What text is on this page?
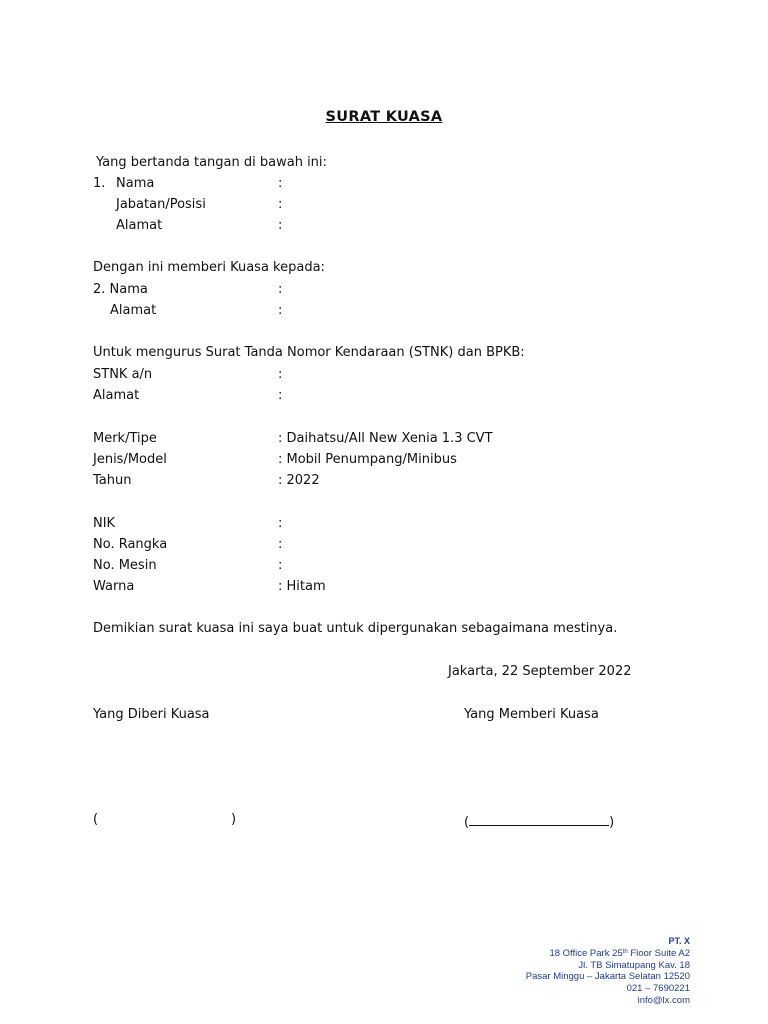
SURAT KUASA
Yang bertanda tangan di bawah ini:
1. Nama	:
Jabatan/Posisi	:
Alamat	:
Dengan ini memberi Kuasa kepada:
2. Nama	:
Alamat	:
Untuk mengurus Surat Tanda Nomor Kendaraan (STNK) dan BPKB:
STNK a/n	:
Alamat	:
Merk/Tipe	: Daihatsu/All New Xenia 1.3 CVT
Jenis/Model	: Mobil Penumpang/Minibus
Tahun	: 2022
NIK	:
No. Rangka	:
No. Mesin	:
Warna	: Hitam
Demikian surat kuasa ini saya buat untuk dipergunakan sebagaimana mestinya.
Jakarta, 22 September 2022
Yang Diberi Kuasa	Yang Memberi Kuasa
(	)	(	)
PT. X
18 Office Park 25th Floor Suite A2
Jl. TB Simatupang Kav. 18
Pasar Minggu – Jakarta Selatan 12520
021 – 7690221
info@lx.com
